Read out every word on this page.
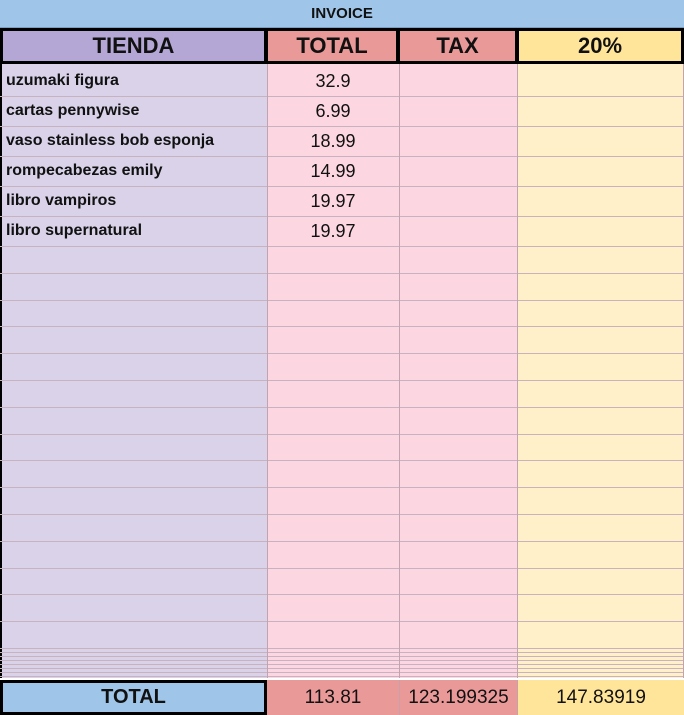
INVOICE
TIENDA	TOTAL	TAX	20%
uzumaki figura	32.9
cartas pennywise	6.99
vaso stainless bob esponja	18.99
rompecabezas emily	14.99
libro vampiros	19.97
libro supernatural	19.97
TOTAL	113.81	123.199325	147.83919
